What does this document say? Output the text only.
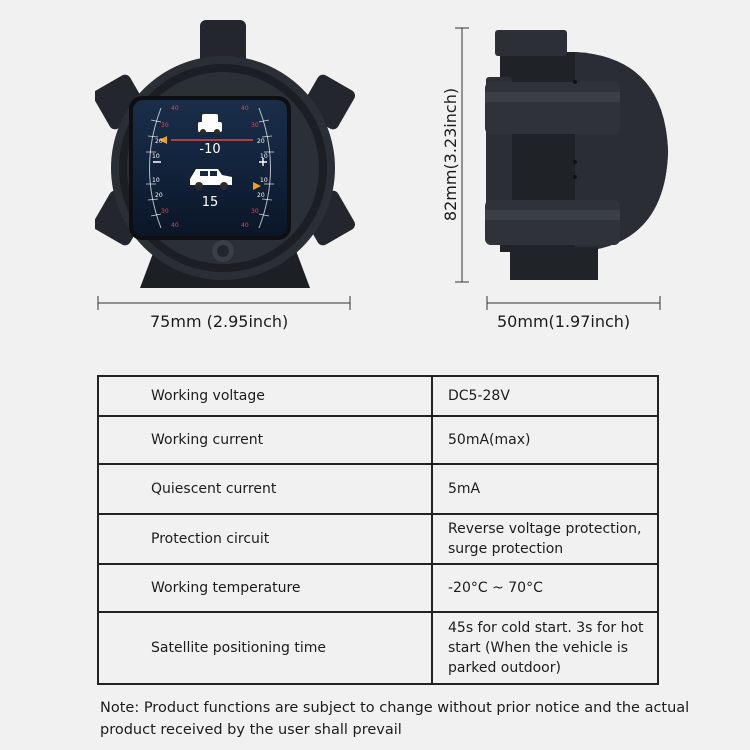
40
30
20
10
10
20
30
40
40
30
20
10
10
20
30
40
-10
15
75mm (2.95inch)
82mm(3.23inch)
50mm(1.97inch)
Working voltage	DC5-28V
Working current	50mA(max)
Quiescent current	5mA
Protection circuit	Reverse voltage protection, surge protection
Working temperature	-20°C ~ 70°C
Satellite positioning time	45s for cold start. 3s for hot start (When the vehicle is parked outdoor)
Note: Product functions are subject to change without prior notice and the actual product received by the user shall prevail
